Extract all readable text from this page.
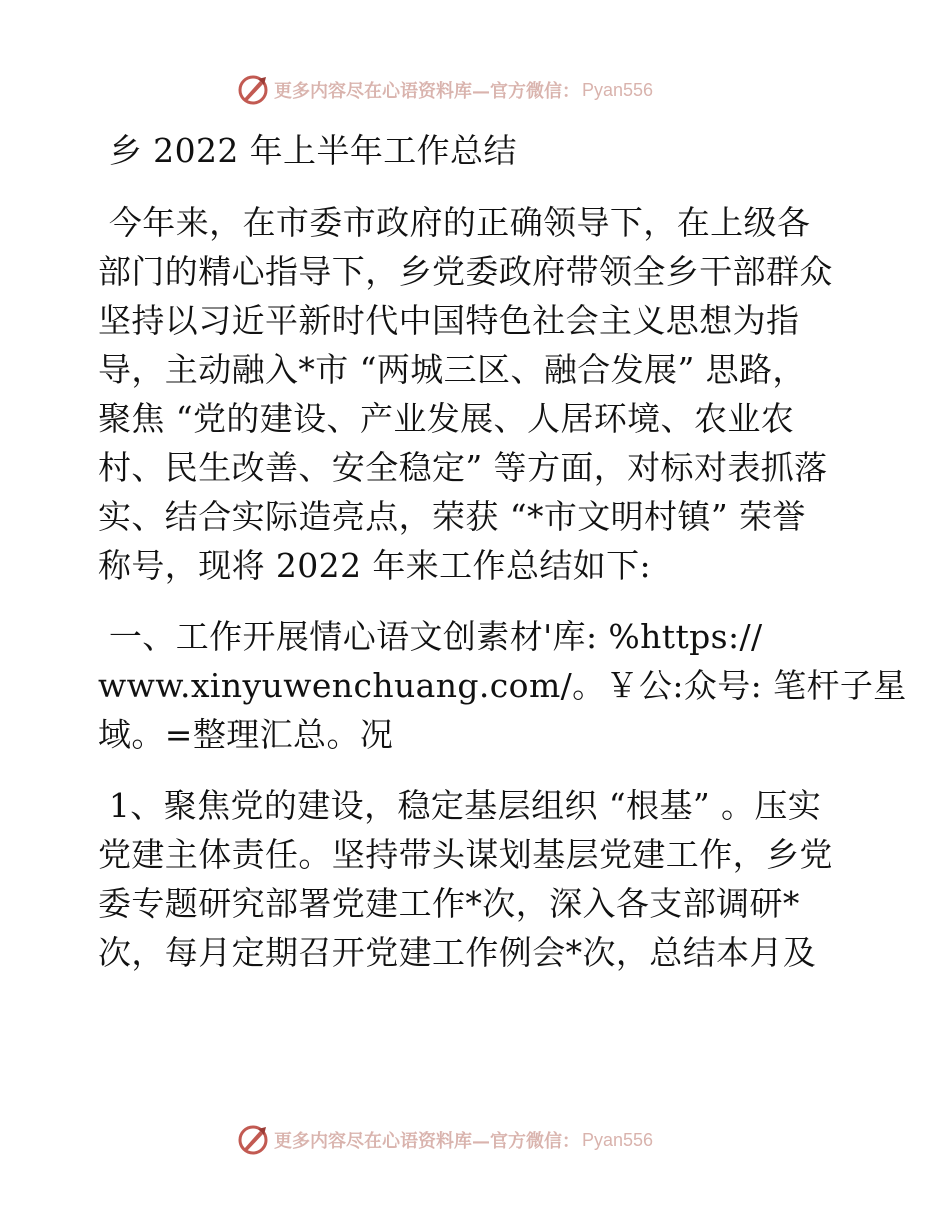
更多内容尽在心语资料库—官方微信： Pyan556
乡 2022 年上半年工作总结
今年来，在市委市政府的正确领导下，在上级各
部门的精心指导下，乡党委政府带领全乡干部群众
坚持以习近平新时代中国特色社会主义思想为指
导，主动融入*市 “两城三区、融合发展” 思路，
聚焦 “党的建设、产业发展、人居环境、农业农
村、民生改善、安全稳定” 等方面，对标对表抓落
实、结合实际造亮点，荣获 “*市文明村镇” 荣誉
称号，现将 2022 年来工作总结如下:
一、工作开展情心语文创素材'库: %https://
www.xinyuwenchuang.com/。￥公:众号: 笔杆子星
域。=整理汇总。况
1、聚焦党的建设，稳定基层组织 “根基” 。压实
党建主体责任。坚持带头谋划基层党建工作，乡党
委专题研究部署党建工作*次，深入各支部调研*
次，每月定期召开党建工作例会*次，总结本月及
更多内容尽在心语资料库—官方微信： Pyan556
